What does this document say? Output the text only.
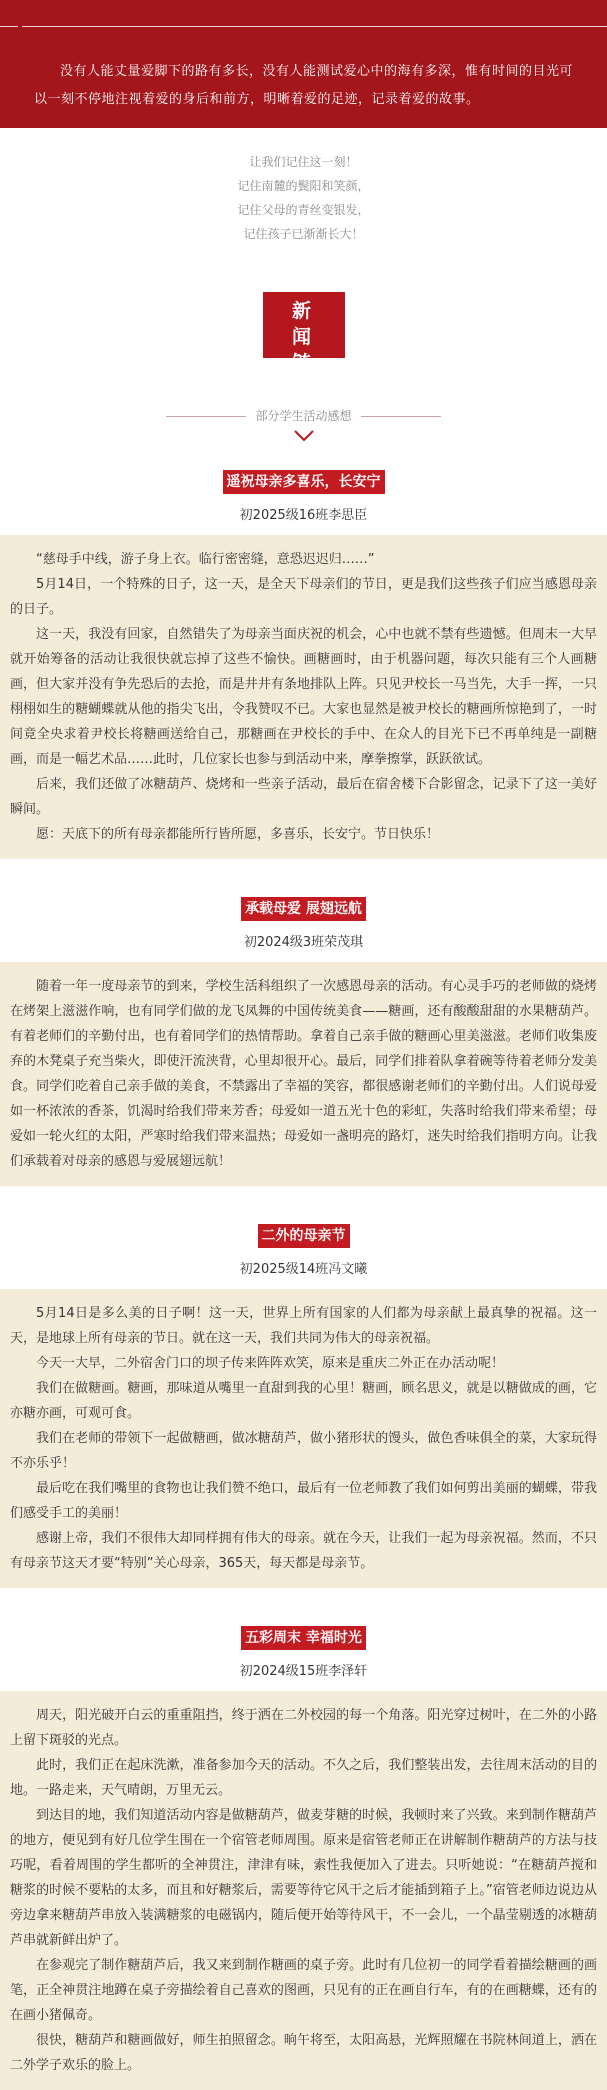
没有人能丈量爱脚下的路有多长，没有人能测试爱心中的海有多深，惟有时间的目光可以一刻不停地注视着爱的身后和前方，明晰着爱的足迹，记录着爱的故事。

让我们记住这一刻！
记住南麓的鬓阳和笑颜，
记住父母的青丝变银发，
记住孩子已渐渐长大！
新 闻
链 接
部分学生活动感想
遥祝母亲多喜乐，长安宁
初2025级16班李思臣

“慈母手中线，游子身上衣。临行密密缝，意恐迟迟归……”

5月14日，一个特殊的日子，这一天，是全天下母亲们的节日，更是我们这些孩子们应当感恩母亲的日子。

这一天，我没有回家，自然错失了为母亲当面庆祝的机会，心中也就不禁有些遗憾。但周末一大早就开始筹备的活动让我很快就忘掉了这些不愉快。画糖画时，由于机器问题，每次只能有三个人画糖画，但大家并没有争先恐后的去抢，而是井井有条地排队上阵。只见尹校长一马当先，大手一挥，一只栩栩如生的糖蝴蝶就从他的指尖飞出，令我赞叹不已。大家也显然是被尹校长的糖画所惊艳到了，一时间竟全央求着尹校长将糖画送给自己，那糖画在尹校长的手中、在众人的目光下已不再单纯是一副糖画，而是一幅艺术品……此时，几位家长也参与到活动中来，摩拳擦掌，跃跃欲试。

后来，我们还做了冰糖葫芦、烧烤和一些亲子活动，最后在宿舍楼下合影留念，记录下了这一美好瞬间。

愿：天底下的所有母亲都能所行皆所愿，多喜乐，长安宁。节日快乐！

承载母爱 展翅远航
初2024级3班荣茂琪

随着一年一度母亲节的到来，学校生活科组织了一次感恩母亲的活动。有心灵手巧的老师做的烧烤在烤架上滋滋作响，也有同学们做的龙飞凤舞的中国传统美食——糖画，还有酸酸甜甜的水果糖葫芦。有着老师们的辛勤付出，也有着同学们的热情帮助。拿着自己亲手做的糖画心里美滋滋。老师们收集废弃的木凳桌子充当柴火，即使汗流浃背，心里却很开心。最后，同学们排着队拿着碗等待着老师分发美食。同学们吃着自己亲手做的美食，不禁露出了幸福的笑容，都很感谢老师们的辛勤付出。人们说母爱如一杯浓浓的香茶，饥渴时给我们带来芳香；母爱如一道五光十色的彩虹，失落时给我们带来希望；母爱如一轮火红的太阳，严寒时给我们带来温热；母爱如一盏明亮的路灯，迷失时给我们指明方向。让我们承载着对母亲的感恩与爱展翅远航！

二外的母亲节
初2025级14班冯文曦

5月14日是多么美的日子啊！这一天，世界上所有国家的人们都为母亲献上最真挚的祝福。这一天，是地球上所有母亲的节日。就在这一天，我们共同为伟大的母亲祝福。

今天一大早，二外宿舍门口的坝子传来阵阵欢笑，原来是重庆二外正在办活动呢！

我们在做糖画。糖画，那味道从嘴里一直甜到我的心里！糖画，顾名思义，就是以糖做成的画，它亦糖亦画，可观可食。

我们在老师的带领下一起做糖画，做冰糖葫芦，做小猪形状的馒头，做色香味俱全的菜，大家玩得不亦乐乎！

最后吃在我们嘴里的食物也让我们赞不绝口，最后有一位老师教了我们如何剪出美丽的蝴蝶，带我们感受手工的美丽！

感谢上帝，我们不很伟大却同样拥有伟大的母亲。就在今天，让我们一起为母亲祝福。然而，不只有母亲节这天才要“特别”关心母亲，365天，每天都是母亲节。

五彩周末 幸福时光
初2024级15班李泽轩

周天，阳光破开白云的重重阻挡，终于洒在二外校园的每一个角落。阳光穿过树叶，在二外的小路上留下斑驳的光点。

此时，我们正在起床洗漱，准备参加今天的活动。不久之后，我们整装出发，去往周末活动的目的地。一路走来，天气晴朗，万里无云。

到达目的地，我们知道活动内容是做糖葫芦，做麦芽糖的时候，我顿时来了兴致。来到制作糖葫芦的地方，便见到有好几位学生围在一个宿管老师周围。原来是宿管老师正在讲解制作糖葫芦的方法与技巧呢，看着周围的学生都听的全神贯注，津津有味，索性我便加入了进去。只听她说：“在糖葫芦搅和糖浆的时候不要粘的太多，而且和好糖浆后，需要等待它风干之后才能插到箱子上。”宿管老师边说边从旁边拿来糖葫芦串放入装满糖浆的电磁锅内，随后便开始等待风干，不一会儿，一个晶莹剔透的冰糖葫芦串就新鲜出炉了。

在参观完了制作糖葫芦后，我又来到制作糖画的桌子旁。此时有几位初一的同学看着描绘糖画的画笔，正全神贯注地蹲在桌子旁描绘着自己喜欢的图画，只见有的正在画自行车，有的在画糖蝶，还有的在画小猪佩奇。

很快，糖葫芦和糖画做好，师生拍照留念。晌午将至，太阳高悬，光辉照耀在书院林间道上，洒在二外学子欢乐的脸上。
